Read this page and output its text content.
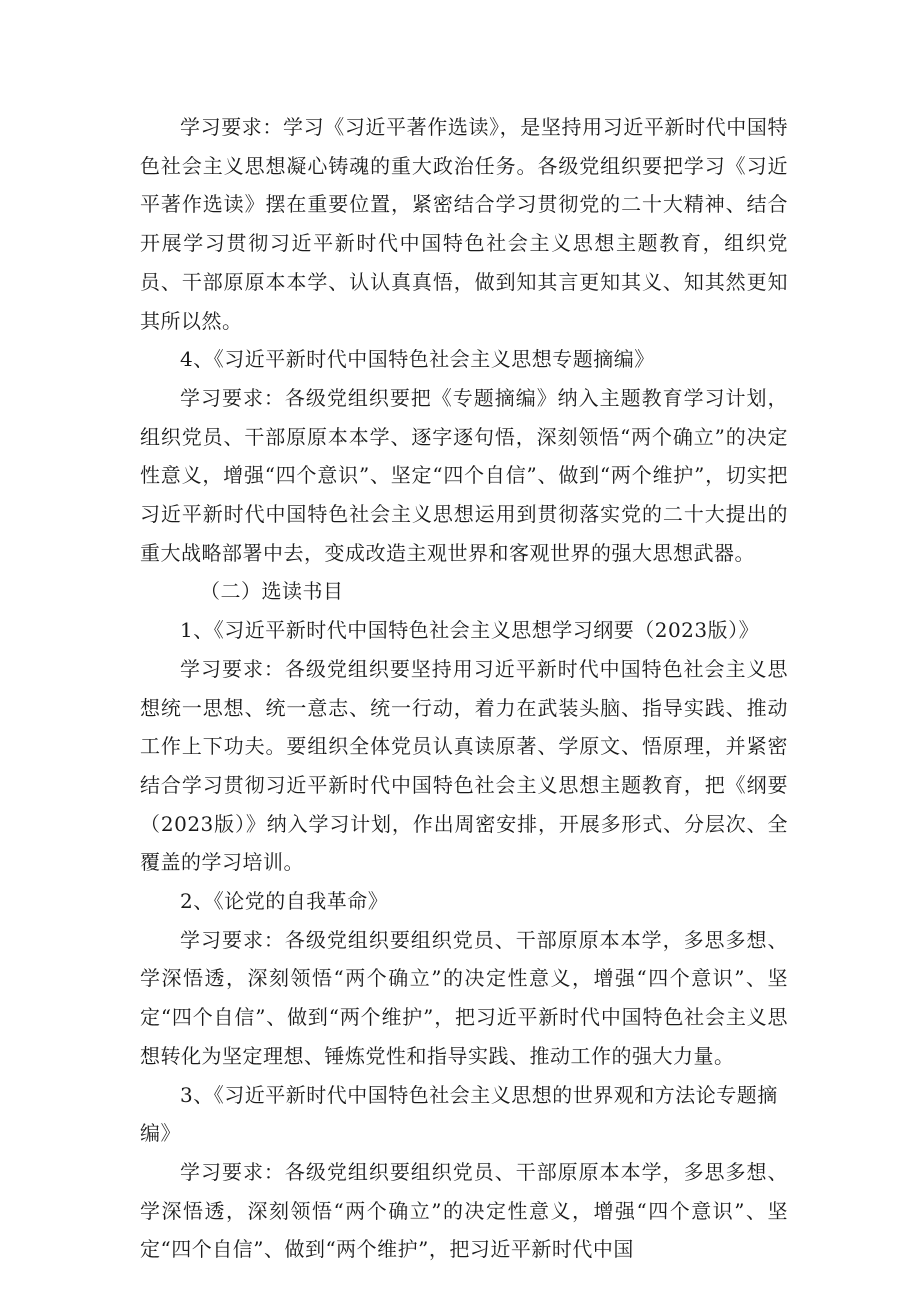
学习要求：学习《习近平著作选读》，是坚持用习近平新时代中国特色社会主义思想凝心铸魂的重大政治任务。各级党组织要把学习《习近平著作选读》摆在重要位置，紧密结合学习贯彻党的二十大精神、结合开展学习贯彻习近平新时代中国特色社会主义思想主题教育，组织党员、干部原原本本学、认认真真悟，做到知其言更知其义、知其然更知其所以然。

4、《习近平新时代中国特色社会主义思想专题摘编》

学习要求：各级党组织要把《专题摘编》纳入主题教育学习计划，组织党员、干部原原本本学、逐字逐句悟，深刻领悟“两个确立”的决定性意义，增强“四个意识”、坚定“四个自信”、做到“两个维护”，切实把习近平新时代中国特色社会主义思想运用到贯彻落实党的二十大提出的重大战略部署中去，变成改造主观世界和客观世界的强大思想武器。

（二）选读书目

1、《习近平新时代中国特色社会主义思想学习纲要（2023版）》

学习要求：各级党组织要坚持用习近平新时代中国特色社会主义思想统一思想、统一意志、统一行动，着力在武装头脑、指导实践、推动工作上下功夫。要组织全体党员认真读原著、学原文、悟原理，并紧密结合学习贯彻习近平新时代中国特色社会主义思想主题教育，把《纲要（2023版）》纳入学习计划，作出周密安排，开展多形式、分层次、全覆盖的学习培训。

2、《论党的自我革命》

学习要求：各级党组织要组织党员、干部原原本本学，多思多想、学深悟透，深刻领悟“两个确立”的决定性意义，增强“四个意识”、坚定“四个自信”、做到“两个维护”，把习近平新时代中国特色社会主义思想转化为坚定理想、锤炼党性和指导实践、推动工作的强大力量。

3、《习近平新时代中国特色社会主义思想的世界观和方法论专题摘编》

学习要求：各级党组织要组织党员、干部原原本本学，多思多想、学深悟透，深刻领悟“两个确立”的决定性意义，增强“四个意识”、坚定“四个自信”、做到“两个维护”，把习近平新时代中国
